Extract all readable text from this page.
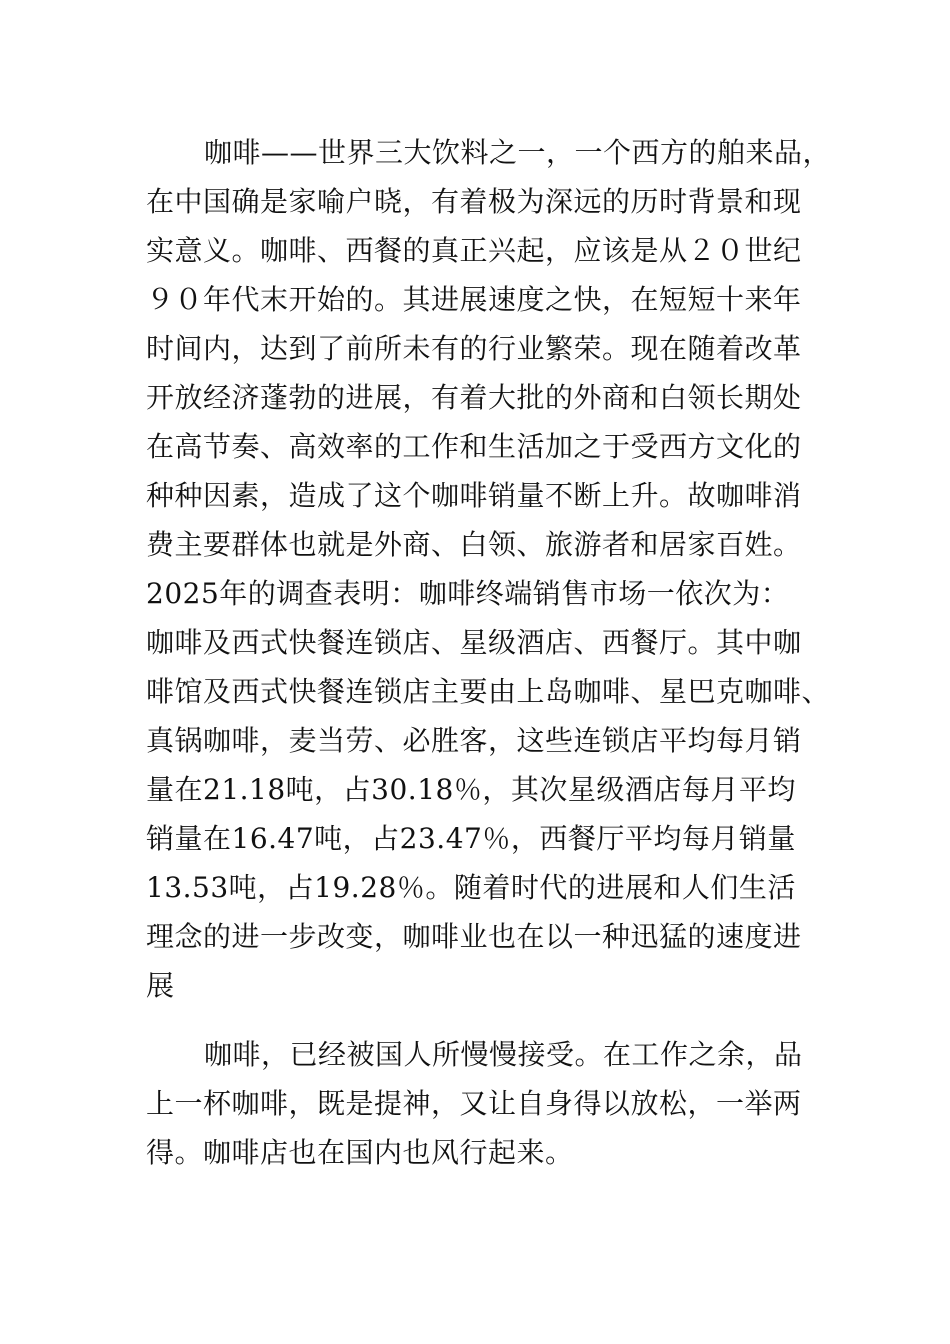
咖啡——世界三大饮料之一，一个西方的舶来品，
在中国确是家喻户晓，有着极为深远的历时背景和现
实意义。咖啡、西餐的真正兴起，应该是从２０世纪
９０年代末开始的。其进展速度之快，在短短十来年
时间内，达到了前所未有的行业繁荣。现在随着改革
开放经济蓬勃的进展，有着大批的外商和白领长期处
在高节奏、高效率的工作和生活加之于受西方文化的
种种因素，造成了这个咖啡销量不断上升。故咖啡消
费主要群体也就是外商、白领、旅游者和居家百姓。
2025年的调查表明：咖啡终端销售市场一依次为：
咖啡及西式快餐连锁店、星级酒店、西餐厅。其中咖
啡馆及西式快餐连锁店主要由上岛咖啡、星巴克咖啡、
真锅咖啡，麦当劳、必胜客，这些连锁店平均每月销
量在21.18吨，占30.18％，其次星级酒店每月平均
销量在16.47吨，占23.47％，西餐厅平均每月销量
13.53吨，占19.28％。随着时代的进展和人们生活
理念的进一步改变，咖啡业也在以一种迅猛的速度进
展
咖啡，已经被国人所慢慢接受。在工作之余，品
上一杯咖啡，既是提神，又让自身得以放松，一举两
得。咖啡店也在国内也风行起来。
